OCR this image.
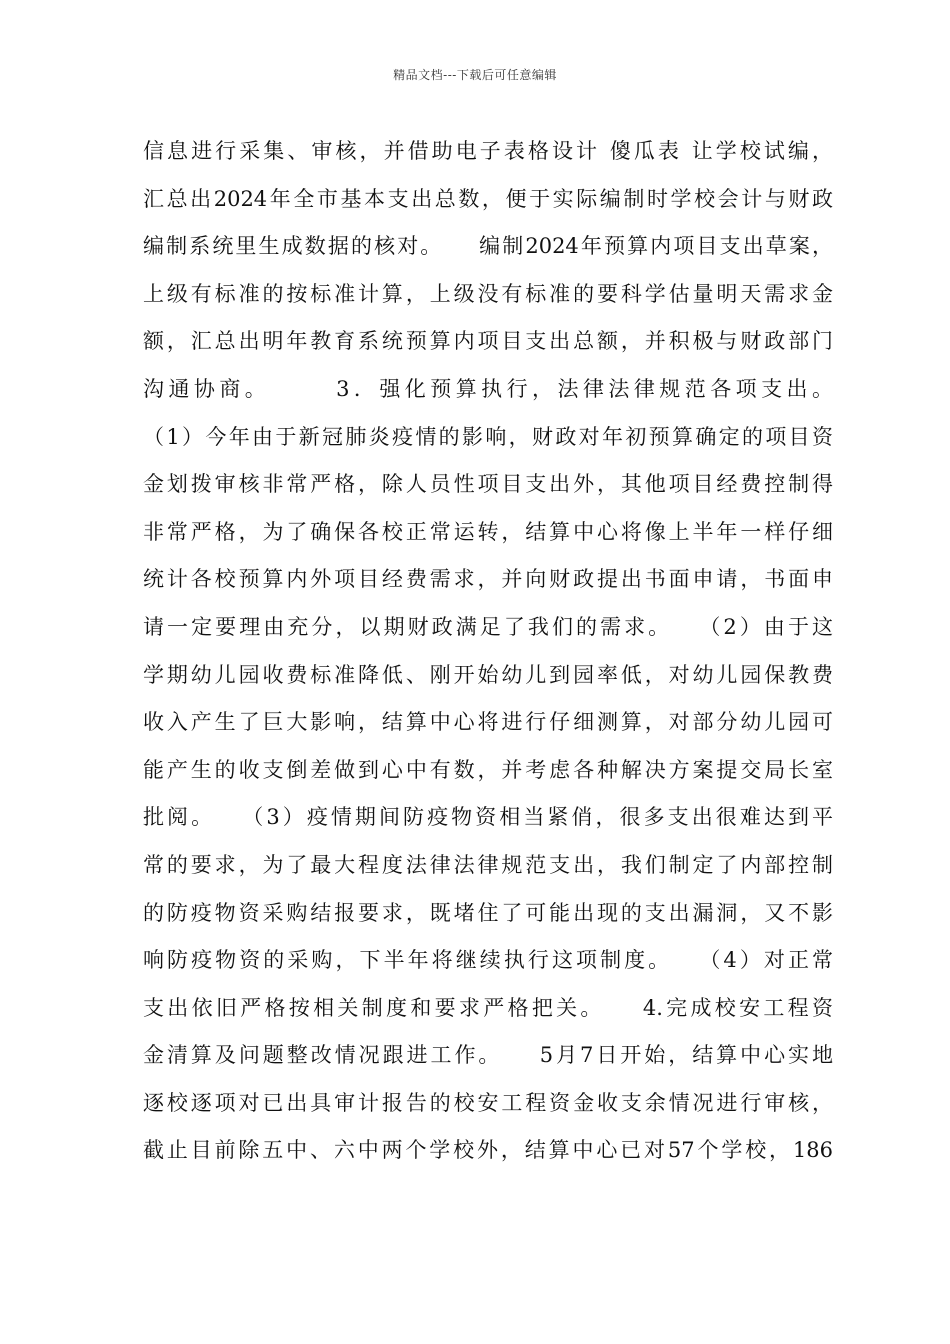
精品文档---下载后可任意编辑
信息进行采集、审核，并借助电子表格设计 傻瓜表 让学校试编，
汇总出2024年全市基本支出总数，便于实际编制时学校会计与财政
编制系统里生成数据的核对。　　编制2024年预算内项目支出草案，
上级有标准的按标准计算，上级没有标准的要科学估量明天需求金
额，汇总出明年教育系统预算内项目支出总额，并积极与财政部门
沟通协商。　　　3．强化预算执行，法律法律规范各项支出。
（1）今年由于新冠肺炎疫情的影响，财政对年初预算确定的项目资
金划拨审核非常严格，除人员性项目支出外，其他项目经费控制得
非常严格，为了确保各校正常运转，结算中心将像上半年一样仔细
统计各校预算内外项目经费需求，并向财政提出书面申请，书面申
请一定要理由充分，以期财政满足了我们的需求。　　（2）由于这
学期幼儿园收费标准降低、刚开始幼儿到园率低，对幼儿园保教费
收入产生了巨大影响，结算中心将进行仔细测算，对部分幼儿园可
能产生的收支倒差做到心中有数，并考虑各种解决方案提交局长室
批阅。　　（3）疫情期间防疫物资相当紧俏，很多支出很难达到平
常的要求，为了最大程度法律法律规范支出，我们制定了内部控制
的防疫物资采购结报要求，既堵住了可能出现的支出漏洞，又不影
响防疫物资的采购，下半年将继续执行这项制度。　　（4）对正常
支出依旧严格按相关制度和要求严格把关。　　4.完成校安工程资
金清算及问题整改情况跟进工作。　　5月7日开始，结算中心实地
逐校逐项对已出具审计报告的校安工程资金收支余情况进行审核，
截止目前除五中、六中两个学校外，结算中心已对57个学校，186
